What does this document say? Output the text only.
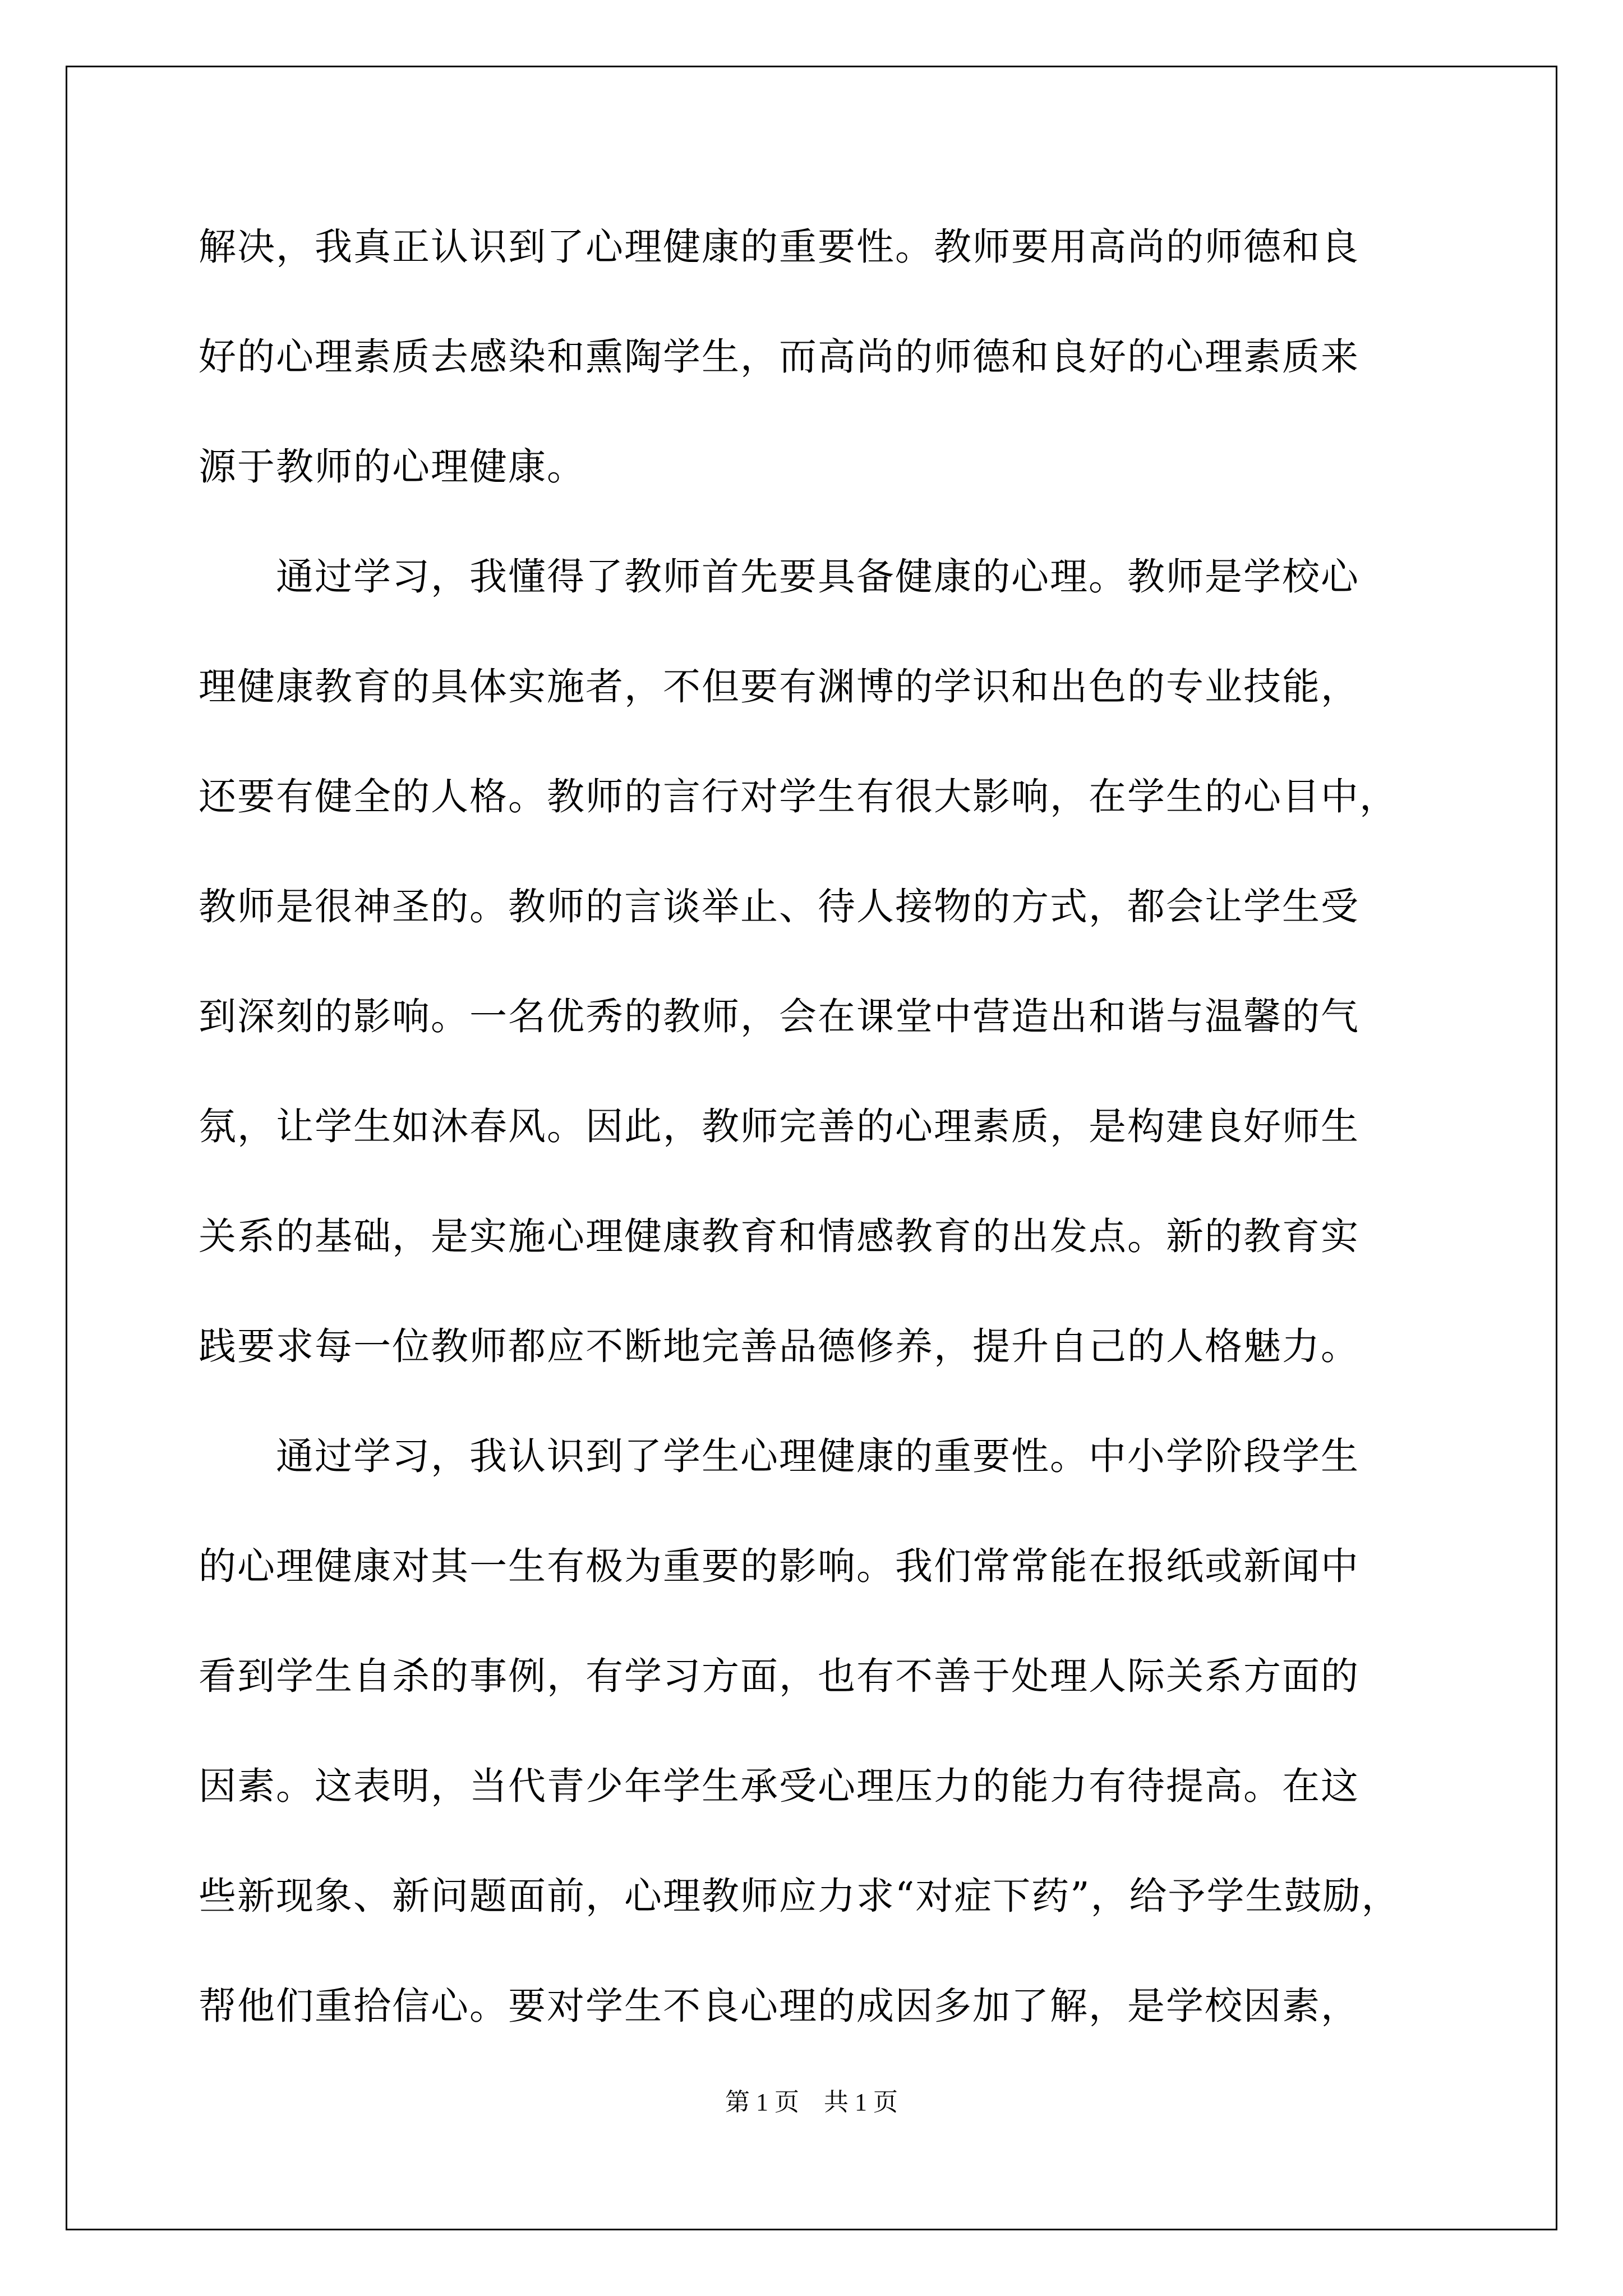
解决，我真正认识到了心理健康的重要性。教师要用高尚的师德和良
好的心理素质去感染和熏陶学生，而高尚的师德和良好的心理素质来
源于教师的心理健康。
　　通过学习，我懂得了教师首先要具备健康的心理。教师是学校心
理健康教育的具体实施者，不但要有渊博的学识和出色的专业技能，
还要有健全的人格。教师的言行对学生有很大影响，在学生的心目中，
教师是很神圣的。教师的言谈举止、待人接物的方式，都会让学生受
到深刻的影响。一名优秀的教师，会在课堂中营造出和谐与温馨的气
氛，让学生如沐春风。因此，教师完善的心理素质，是构建良好师生
关系的基础，是实施心理健康教育和情感教育的出发点。新的教育实
践要求每一位教师都应不断地完善品德修养，提升自己的人格魅力。
　　通过学习，我认识到了学生心理健康的重要性。中小学阶段学生
的心理健康对其一生有极为重要的影响。我们常常能在报纸或新闻中
看到学生自杀的事例，有学习方面，也有不善于处理人际关系方面的
因素。这表明，当代青少年学生承受心理压力的能力有待提高。在这
些新现象、新问题面前，心理教师应力求“对症下药”，给予学生鼓励，
帮他们重拾信心。要对学生不良心理的成因多加了解，是学校因素，
第 1 页　共 1 页
